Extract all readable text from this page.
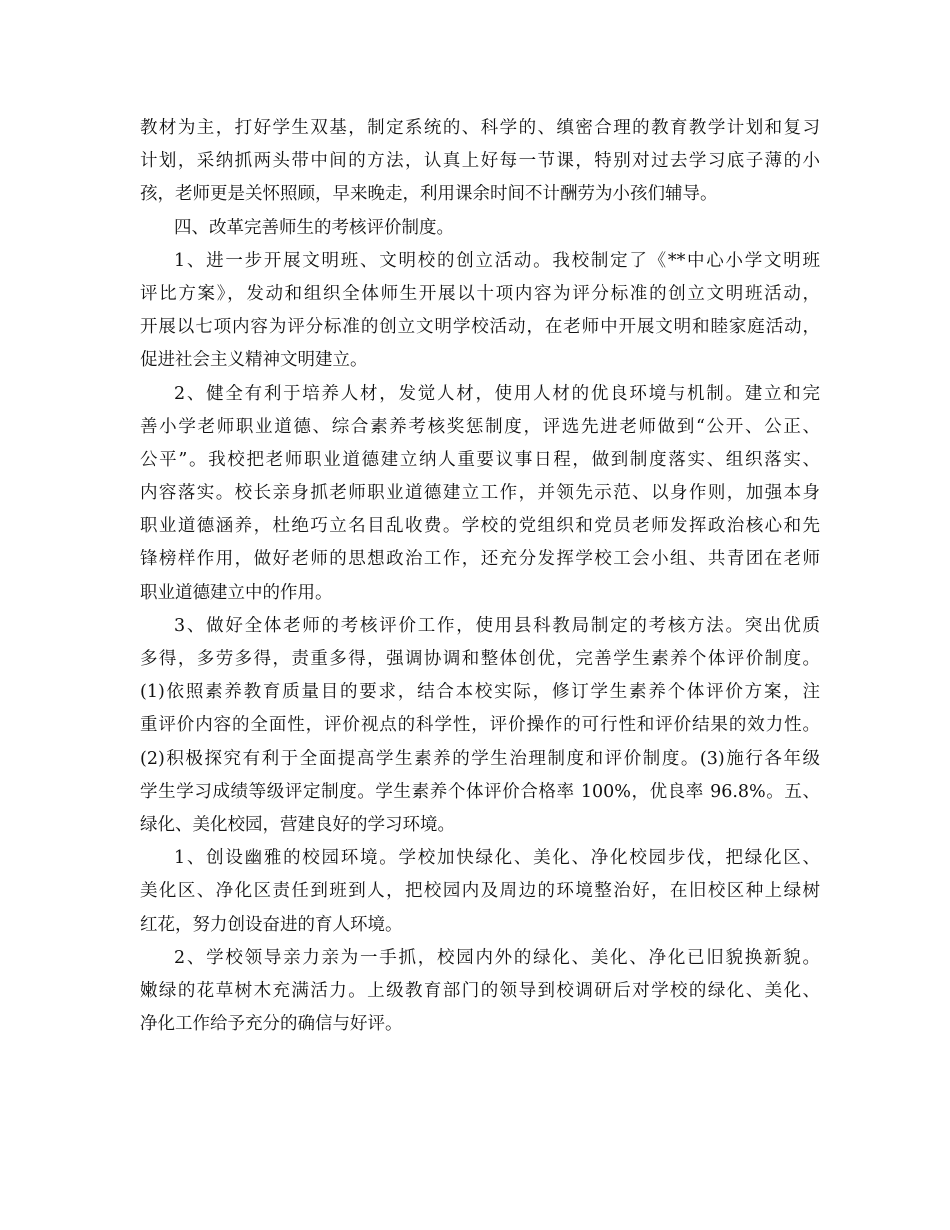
教材为主，打好学生双基，制定系统的、科学的、缜密合理的教育教学计划和复习
计划，采纳抓两头带中间的方法，认真上好每一节课，特别对过去学习底子薄的小
孩，老师更是关怀照顾，早来晚走，利用课余时间不计酬劳为小孩们辅导。
四、改革完善师生的考核评价制度。
1、进一步开展文明班、文明校的创立活动。我校制定了《**中心小学文明班
评比方案》，发动和组织全体师生开展以十项内容为评分标准的创立文明班活动，
开展以七项内容为评分标准的创立文明学校活动，在老师中开展文明和睦家庭活动，
促进社会主义精神文明建立。
2、健全有利于培养人材，发觉人材，使用人材的优良环境与机制。建立和完
善小学老师职业道德、综合素养考核奖惩制度，评选先进老师做到“公开、公正、
公平”。我校把老师职业道德建立纳人重要议事日程，做到制度落实、组织落实、
内容落实。校长亲身抓老师职业道德建立工作，并领先示范、以身作则，加强本身
职业道德涵养，杜绝巧立名目乱收费。学校的党组织和党员老师发挥政治核心和先
锋榜样作用，做好老师的思想政治工作，还充分发挥学校工会小组、共青团在老师
职业道德建立中的作用。
3、做好全体老师的考核评价工作，使用县科教局制定的考核方法。突出优质
多得，多劳多得，责重多得，强调协调和整体创优，完善学生素养个体评价制度。
(1)依照素养教育质量目的要求，结合本校实际，修订学生素养个体评价方案，注
重评价内容的全面性，评价视点的科学性，评价操作的可行性和评价结果的效力性。
(2)积极探究有利于全面提高学生素养的学生治理制度和评价制度。(3)施行各年级
学生学习成绩等级评定制度。学生素养个体评价合格率 100%，优良率 96.8%。五、
绿化、美化校园，营建良好的学习环境。
1、创设幽雅的校园环境。学校加快绿化、美化、净化校园步伐，把绿化区、
美化区、净化区责任到班到人，把校园内及周边的环境整治好，在旧校区种上绿树
红花，努力创设奋进的育人环境。
2、学校领导亲力亲为一手抓，校园内外的绿化、美化、净化已旧貌换新貌。
嫩绿的花草树木充满活力。上级教育部门的领导到校调研后对学校的绿化、美化、
净化工作给予充分的确信与好评。
